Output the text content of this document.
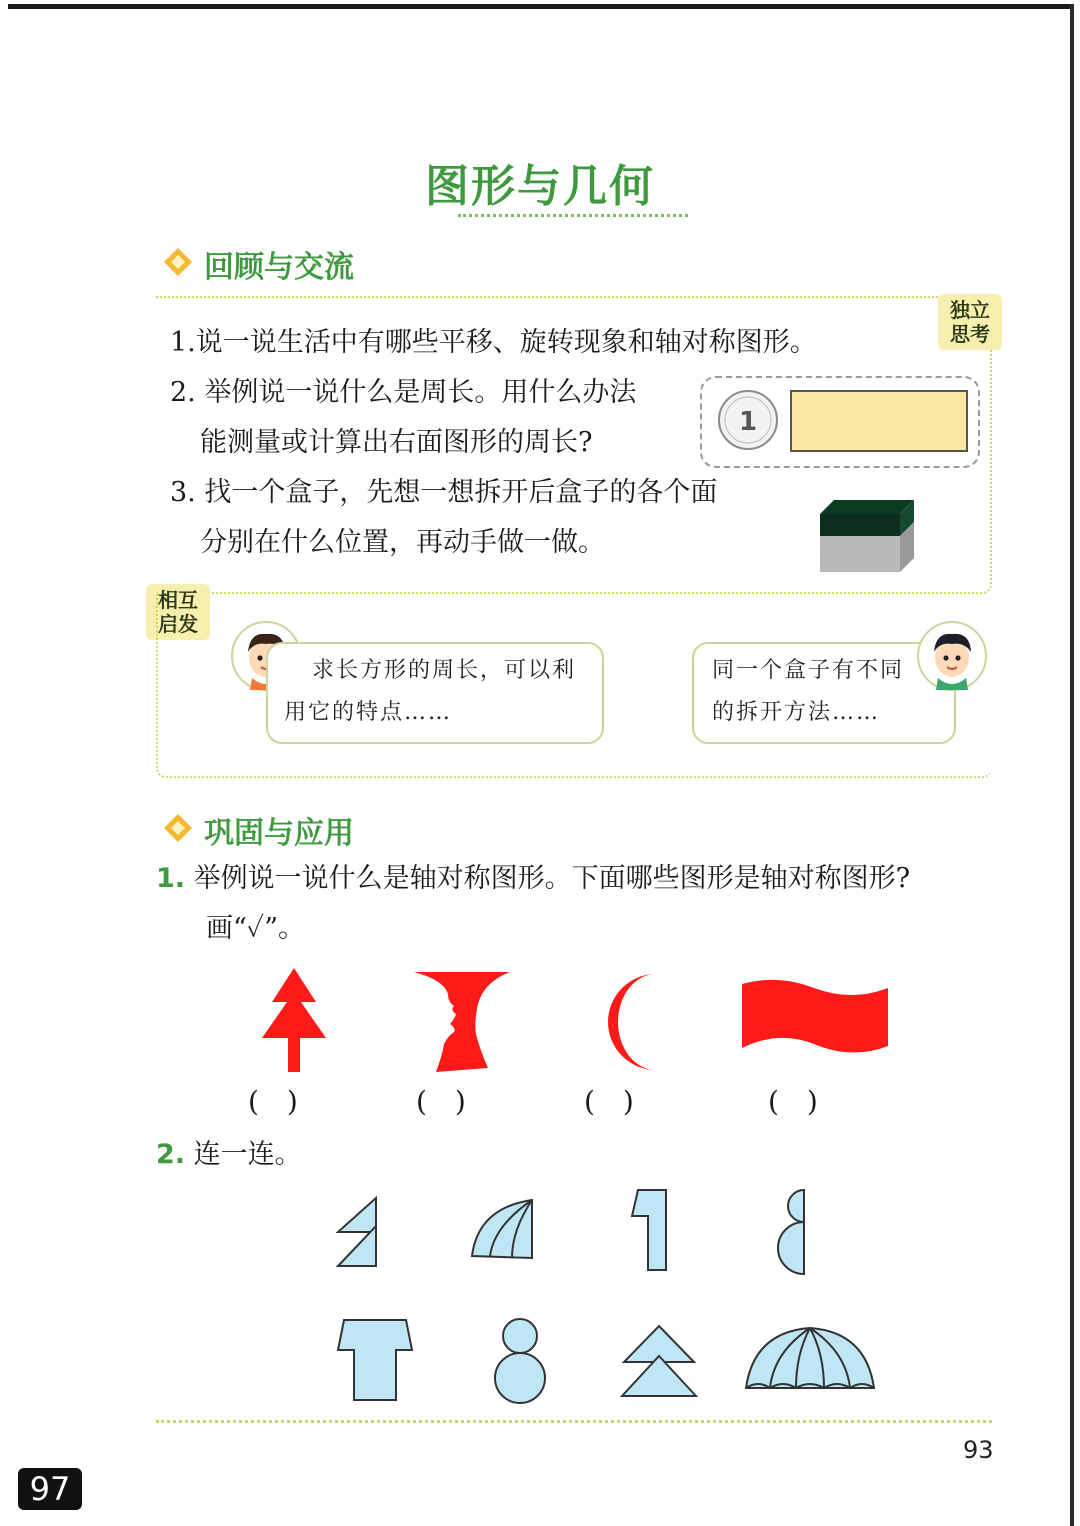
图形与几何
回顾与交流
独立
思考
1.说一说生活中有哪些平移、旋转现象和轴对称图形。
2. 举例说一说什么是周长。用什么办法
能测量或计算出右面图形的周长?
3. 找一个盒子，先想一想拆开后盒子的各个面
分别在什么位置，再动手做一做。
1
相互
启发
求长方形的周长，可以利
用它的特点……
同一个盒子有不同
的拆开方法……
巩固与应用
1. 举例说一说什么是轴对称图形。下面哪些图形是轴对称图形?
画“✓”。
(　)	(　)	(　)	(　)
2. 连一连。
93
97
